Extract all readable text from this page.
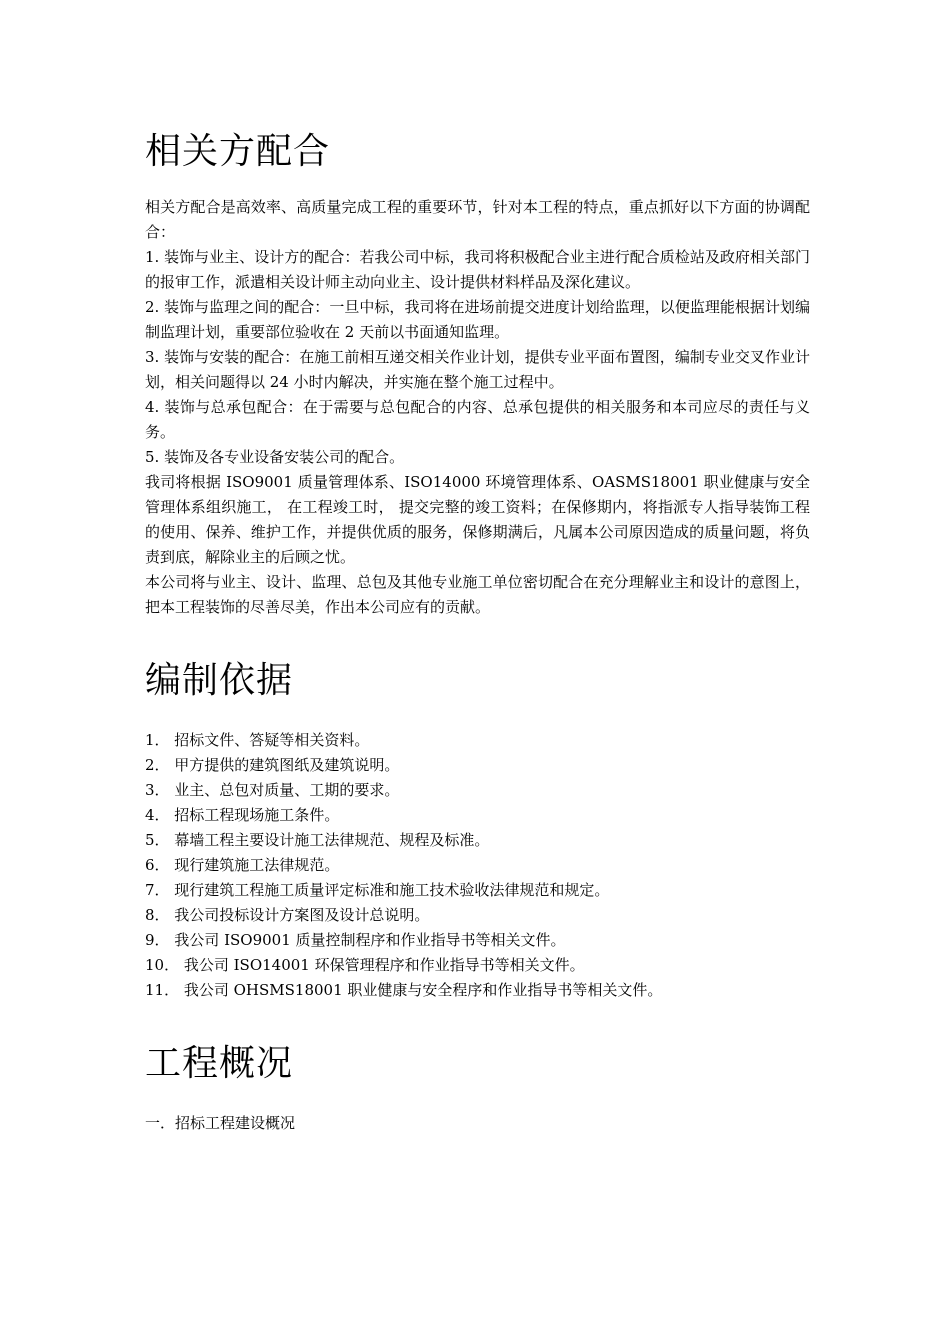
相关方配合

相关方配合是高效率、高质量完成工程的重要环节，针对本工程的特点，重点抓好以下方面的协调配合：

1. 装饰与业主、设计方的配合：若我公司中标，我司将积极配合业主进行配合质检站及政府相关部门的报审工作，派遣相关设计师主动向业主、设计提供材料样品及深化建议。

2. 装饰与监理之间的配合：一旦中标，我司将在进场前提交进度计划给监理，以便监理能根据计划编制监理计划，重要部位验收在 2 天前以书面通知监理。

3. 装饰与安装的配合：在施工前相互递交相关作业计划，提供专业平面布置图，编制专业交叉作业计划，相关问题得以 24 小时内解决，并实施在整个施工过程中。

4. 装饰与总承包配合：在于需要与总包配合的内容、总承包提供的相关服务和本司应尽的责任与义务。

5. 装饰及各专业设备安装公司的配合。

我司将根据 ISO9001 质量管理体系、ISO14000 环境管理体系、OASMS18001 职业健康与安全管理体系组织施工， 在工程竣工时， 提交完整的竣工资料；在保修期内，将指派专人指导装饰工程的使用、保养、维护工作，并提供优质的服务，保修期满后，凡属本公司原因造成的质量问题，将负责到底，解除业主的后顾之忧。

本公司将与业主、设计、监理、总包及其他专业施工单位密切配合在充分理解业主和设计的意图上，把本工程装饰的尽善尽美，作出本公司应有的贡献。

编制依据

1． 招标文件、答疑等相关资料。

2． 甲方提供的建筑图纸及建筑说明。

3． 业主、总包对质量、工期的要求。

4． 招标工程现场施工条件。

5． 幕墙工程主要设计施工法律规范、规程及标准。

6． 现行建筑施工法律规范。

7． 现行建筑工程施工质量评定标准和施工技术验收法律规范和规定。

8． 我公司投标设计方案图及设计总说明。

9． 我公司 ISO9001 质量控制程序和作业指导书等相关文件。

10． 我公司 ISO14001 环保管理程序和作业指导书等相关文件。

11． 我公司 OHSMS18001 职业健康与安全程序和作业指导书等相关文件。

工程概况

一．招标工程建设概况
